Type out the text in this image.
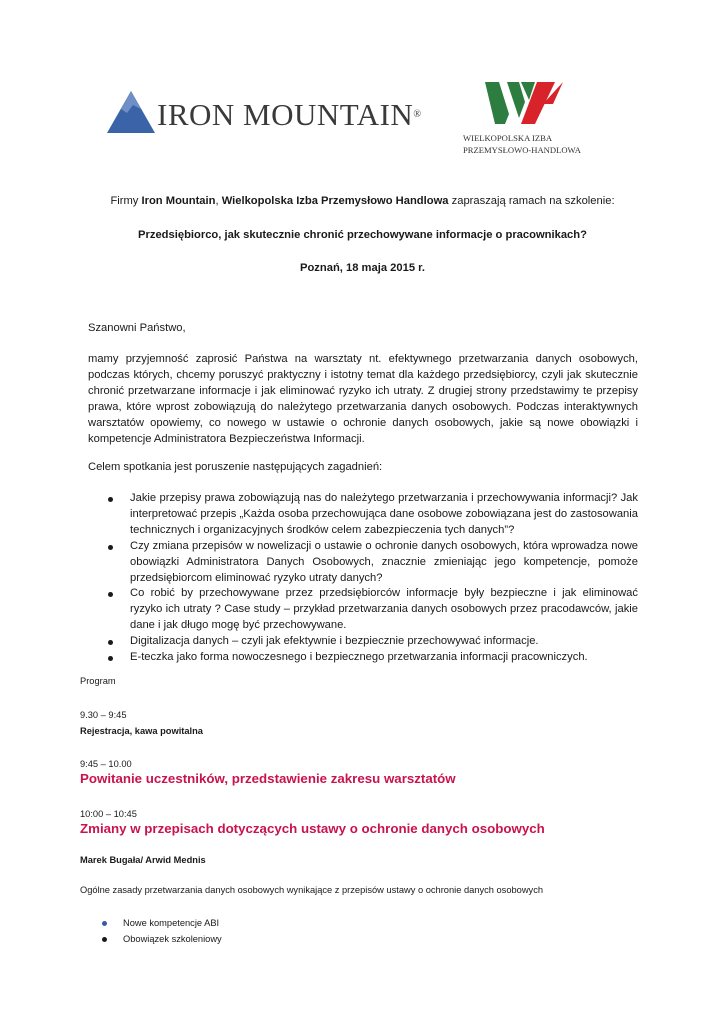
IRON MOUNTAIN®
WIELKOPOLSKA IZBA
PRZEMYSŁOWO-HANDLOWA
Firmy Iron Mountain, Wielkopolska Izba Przemysłowo Handlowa zapraszają ramach na szkolenie:
Przedsiębiorco, jak skutecznie chronić przechowywane informacje o pracownikach?
Poznań, 18 maja 2015 r.
Szanowni Państwo,
mamy przyjemność zaprosić Państwa na warsztaty nt. efektywnego przetwarzania danych osobowych, podczas których, chcemy poruszyć praktyczny i istotny temat dla każdego przedsiębiorcy, czyli jak skutecznie chronić przetwarzane informacje i jak eliminować ryzyko ich utraty. Z drugiej strony przedstawimy te przepisy prawa, które wprost zobowiązują do należytego przetwarzania danych osobowych. Podczas interaktywnych warsztatów opowiemy, co nowego w ustawie o ochronie danych osobowych, jakie są nowe obowiązki i kompetencje Administratora Bezpieczeństwa Informacji.
Celem spotkania jest poruszenie następujących zagadnień:
Jakie przepisy prawa zobowiązują nas do należytego przetwarzania i przechowywania informacji? Jak interpretować przepis „Każda osoba przechowująca dane osobowe zobowiązana jest do zastosowania technicznych i organizacyjnych środków celem zabezpieczenia tych danych”?
Czy zmiana przepisów w nowelizacji o ustawie o ochronie danych osobowych, która wprowadza nowe obowiązki Administratora Danych Osobowych, znacznie zmieniając jego kompetencje, pomoże przedsiębiorcom eliminować ryzyko utraty danych?
Co robić by przechowywane przez przedsiębiorców informacje były bezpieczne i jak eliminować ryzyko ich utraty ? Case study – przykład przetwarzania danych osobowych przez pracodawców, jakie dane i jak długo mogę być przechowywane.
Digitalizacja danych – czyli jak efektywnie i bezpiecznie przechowywać informacje.
E-teczka jako forma nowoczesnego i bezpiecznego przetwarzania informacji pracowniczych.
Program
9.30 – 9:45
Rejestracja, kawa powitalna
9:45 – 10.00
Powitanie uczestników, przedstawienie zakresu warsztatów
10:00 – 10:45
Zmiany w przepisach dotyczących ustawy o ochronie danych osobowych
Marek Bugała/ Arwid Mednis
Ogólne zasady przetwarzania danych osobowych wynikające z przepisów ustawy o ochronie danych osobowych
Nowe kompetencje ABI
Obowiązek szkoleniowy
